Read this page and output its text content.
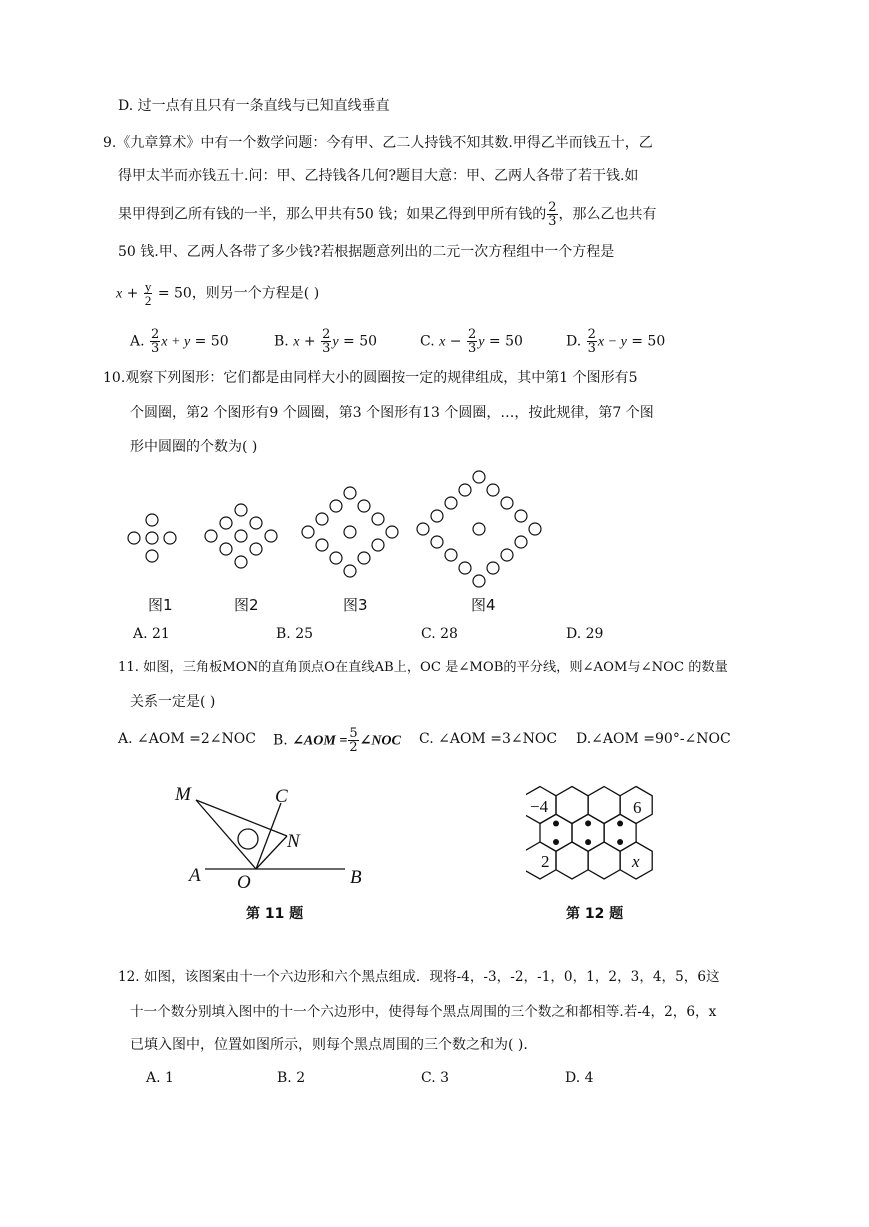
D. 过一点有且只有一条直线与已知直线垂直
9.《九章算术》中有一个数学问题：今有甲、乙二人持钱不知其数.甲得乙半而钱五十，乙
得甲太半而亦钱五十.问：甲、乙持钱各几何?题目大意：甲、乙两人各带了若干钱.如
果甲得到乙所有钱的一半，那么甲共有50 钱；如果乙得到甲所有钱的 $\frac{2}{3}$ ，那么乙也共有
50 钱.甲、乙两人各带了多少钱?若根据题意列出的二元一次方程组中一个方程是
$x + \frac{y}{2} = 50$，则另一个方程是( )
A. $\frac{2}{3}$ x + y = 50	B. $x + \frac{2}{3}$ y = 50	C. $x - \frac{2}{3}$ y = 50	D. $\frac{2}{3}$ x − y = 50
10.观察下列图形：它们都是由同样大小的圆圈按一定的规律组成，其中第1 个图形有5
个圆圈，第2 个图形有9 个圆圈，第3 个图形有13 个圆圈，…，按此规律，第7 个图
形中圆圈的个数为( )
图1	图2	图3	图4
A. 21	B. 25	C. 28	D. 29
11. 如图，三角板MON的直角顶点O在直线AB上，OC 是∠MOB的平分线，则∠AOM与∠NOC 的数量
关系一定是( )
A. ∠AOM =2∠NOC B. ∠AOM = $\frac{5}{2}$ ∠NOC C. ∠AOM =3∠NOC D.∠AOM =90°-∠NOC
M	C
N
A O	B
第 11 题
−4	6
2	x
第 12 题
12. 如图，该图案由十一个六边形和六个黑点组成．现将-4，-3，-2，-1，0，1，2，3，4，5，6这
十一个数分别填入图中的十一个六边形中，使得每个黑点周围的三个数之和都相等.若-4，2，6，x
已填入图中，位置如图所示，则每个黑点周围的三个数之和为( ).
A. 1	B. 2	C. 3	D. 4
